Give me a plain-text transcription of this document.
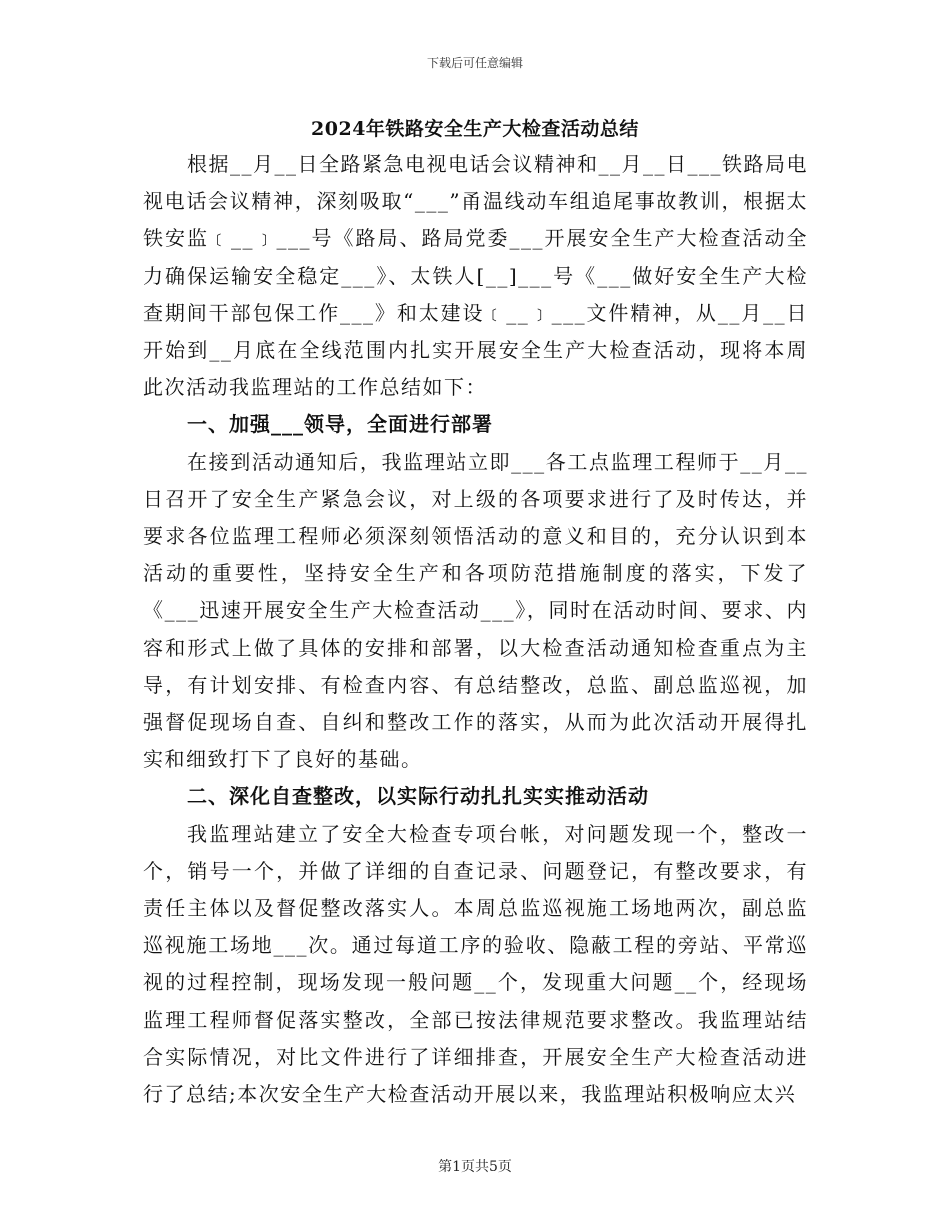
下载后可任意编辑
2024年铁路安全生产大检查活动总结

根据__月__日全路紧急电视电话会议精神和__月__日___铁路局电视电话会议精神，深刻吸取“___”甬温线动车组追尾事故教训，根据太铁安监﹝__﹞___号《路局、路局党委___开展安全生产大检查活动全力确保运输安全稳定___》、太铁人[__]___号《___做好安全生产大检查期间干部包保工作___》和太建设﹝__﹞___文件精神，从__月__日开始到__月底在全线范围内扎实开展安全生产大检查活动，现将本周此次活动我监理站的工作总结如下：

一、加强___领导，全面进行部署

在接到活动通知后，我监理站立即___各工点监理工程师于__月__日召开了安全生产紧急会议，对上级的各项要求进行了及时传达，并要求各位监理工程师必须深刻领悟活动的意义和目的，充分认识到本活动的重要性，坚持安全生产和各项防范措施制度的落实，下发了《___迅速开展安全生产大检查活动___》，同时在活动时间、要求、内容和形式上做了具体的安排和部署，以大检查活动通知检查重点为主导，有计划安排、有检查内容、有总结整改，总监、副总监巡视，加强督促现场自查、自纠和整改工作的落实，从而为此次活动开展得扎实和细致打下了良好的基础。

二、深化自查整改，以实际行动扎扎实实推动活动

我监理站建立了安全大检查专项台帐，对问题发现一个，整改一个，销号一个，并做了详细的自查记录、问题登记，有整改要求，有责任主体以及督促整改落实人。本周总监巡视施工场地两次，副总监巡视施工场地___次。通过每道工序的验收、隐蔽工程的旁站、平常巡视的过程控制，现场发现一般问题__个，发现重大问题__个，经现场监理工程师督促落实整改，全部已按法律规范要求整改。我监理站结合实际情况，对比文件进行了详细排查，开展安全生产大检查活动进行了总结;本次安全生产大检查活动开展以来，我监理站积极响应太兴

第1页共5页
